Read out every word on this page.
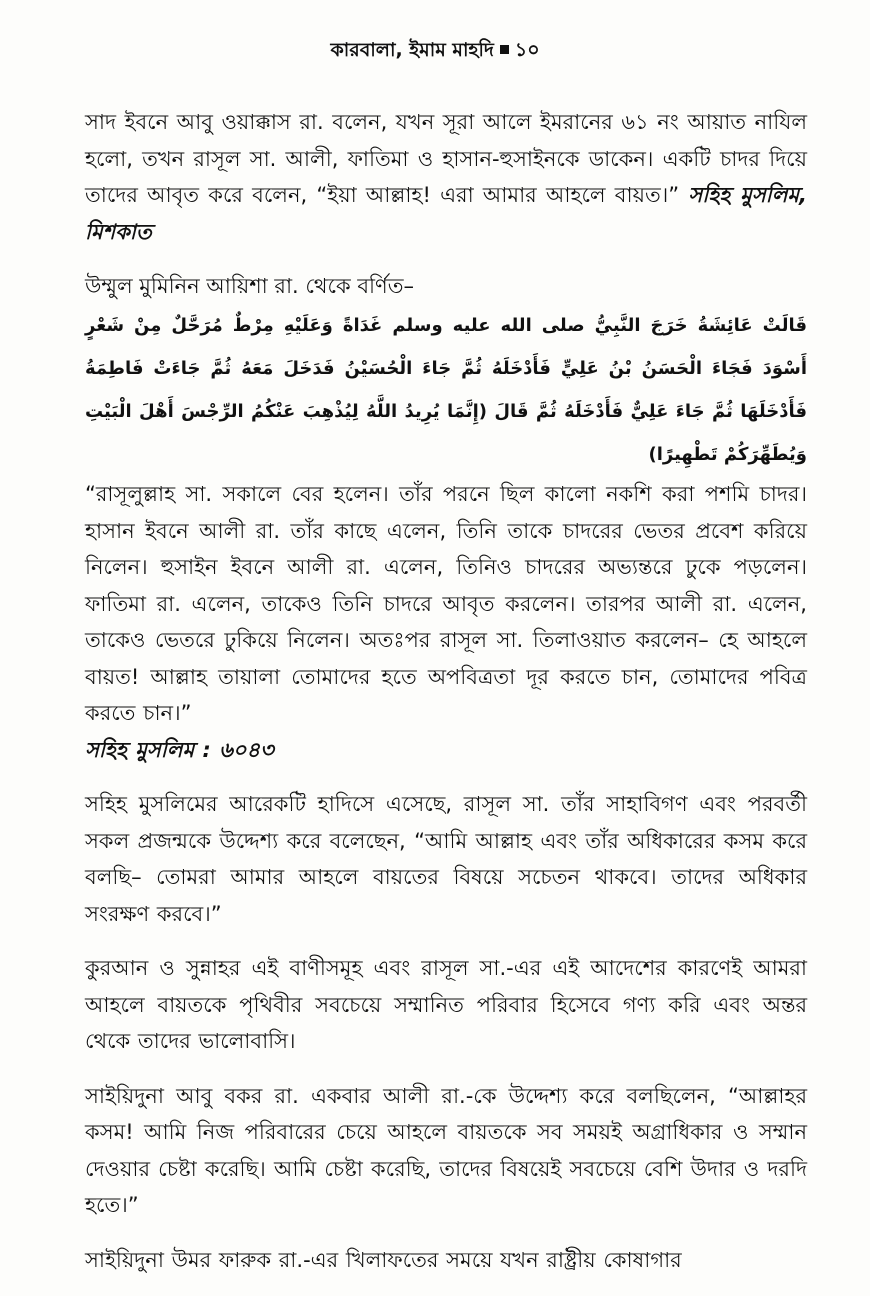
কারবালা, ইমাম মাহদি ১০

সাদ ইবনে আবু ওয়াক্কাস রা. বলেন, যখন সূরা আলে ইমরানের ৬১ নং আয়াত নাযিল হলো, তখন রাসূল সা. আলী, ফাতিমা ও হাসান-হুসাইনকে ডাকেন। একটি চাদর দিয়ে তাদের আবৃত করে বলেন, “ইয়া আল্লাহ! এরা আমার আহলে বায়ত।” সহিহ মুসলিম, মিশকাত

উম্মুল মুমিনিন আয়িশা রা. থেকে বর্ণিত–

قَالَتْ عَائِشَةُ خَرَجَ النَّبِيُّ صلى الله عليه وسلم غَدَاةً وَعَلَيْهِ مِرْطٌ مُرَحَّلٌ مِنْ شَعْرٍ أَسْوَدَ فَجَاءَ الْحَسَنُ بْنُ عَلِيٍّ فَأَدْخَلَهُ ثُمَّ جَاءَ الْحُسَيْنُ فَدَخَلَ مَعَهُ ثُمَّ جَاءَتْ فَاطِمَةُ فَأَدْخَلَهَا ثُمَّ جَاءَ عَلِيٌّ فَأَدْخَلَهُ ثُمَّ قَالَ (إِنَّمَا يُرِيدُ اللَّهُ لِيُذْهِبَ عَنْكُمُ الرِّجْسَ أَهْلَ الْبَيْتِ وَيُطَهِّرَكُمْ تَطْهِيرًا)

“রাসূলুল্লাহ সা. সকালে বের হলেন। তাঁর পরনে ছিল কালো নকশি করা পশমি চাদর। হাসান ইবনে আলী রা. তাঁর কাছে এলেন, তিনি তাকে চাদরের ভেতর প্রবেশ করিয়ে নিলেন। হুসাইন ইবনে আলী রা. এলেন, তিনিও চাদরের অভ্যন্তরে ঢুকে পড়লেন। ফাতিমা রা. এলেন, তাকেও তিনি চাদরে আবৃত করলেন। তারপর আলী রা. এলেন, তাকেও ভেতরে ঢুকিয়ে নিলেন। অতঃপর রাসূল সা. তিলাওয়াত করলেন– হে আহলে বায়ত! আল্লাহ তায়ালা তোমাদের হতে অপবিত্রতা দূর করতে চান, তোমাদের পবিত্র করতে চান।”

সহিহ মুসলিম : ৬০৪৩

সহিহ মুসলিমের আরেকটি হাদিসে এসেছে, রাসূল সা. তাঁর সাহাবিগণ এবং পরবর্তী সকল প্রজন্মকে উদ্দেশ্য করে বলেছেন, “আমি আল্লাহ এবং তাঁর অধিকারের কসম করে বলছি– তোমরা আমার আহলে বায়তের বিষয়ে সচেতন থাকবে। তাদের অধিকার সংরক্ষণ করবে।”

কুরআন ও সুন্নাহর এই বাণীসমূহ এবং রাসূল সা.-এর এই আদেশের কারণেই আমরা আহলে বায়তকে পৃথিবীর সবচেয়ে সম্মানিত পরিবার হিসেবে গণ্য করি এবং অন্তর থেকে তাদের ভালোবাসি।

সাইয়িদুনা আবু বকর রা. একবার আলী রা.-কে উদ্দেশ্য করে বলছিলেন, “আল্লাহর কসম! আমি নিজ পরিবারের চেয়ে আহলে বায়তকে সব সময়ই অগ্রাধিকার ও সম্মান দেওয়ার চেষ্টা করেছি। আমি চেষ্টা করেছি, তাদের বিষয়েই সবচেয়ে বেশি উদার ও দরদি হতে।”

সাইয়িদুনা উমর ফারুক রা.-এর খিলাফতের সময়ে যখন রাষ্ট্রীয় কোষাগার
